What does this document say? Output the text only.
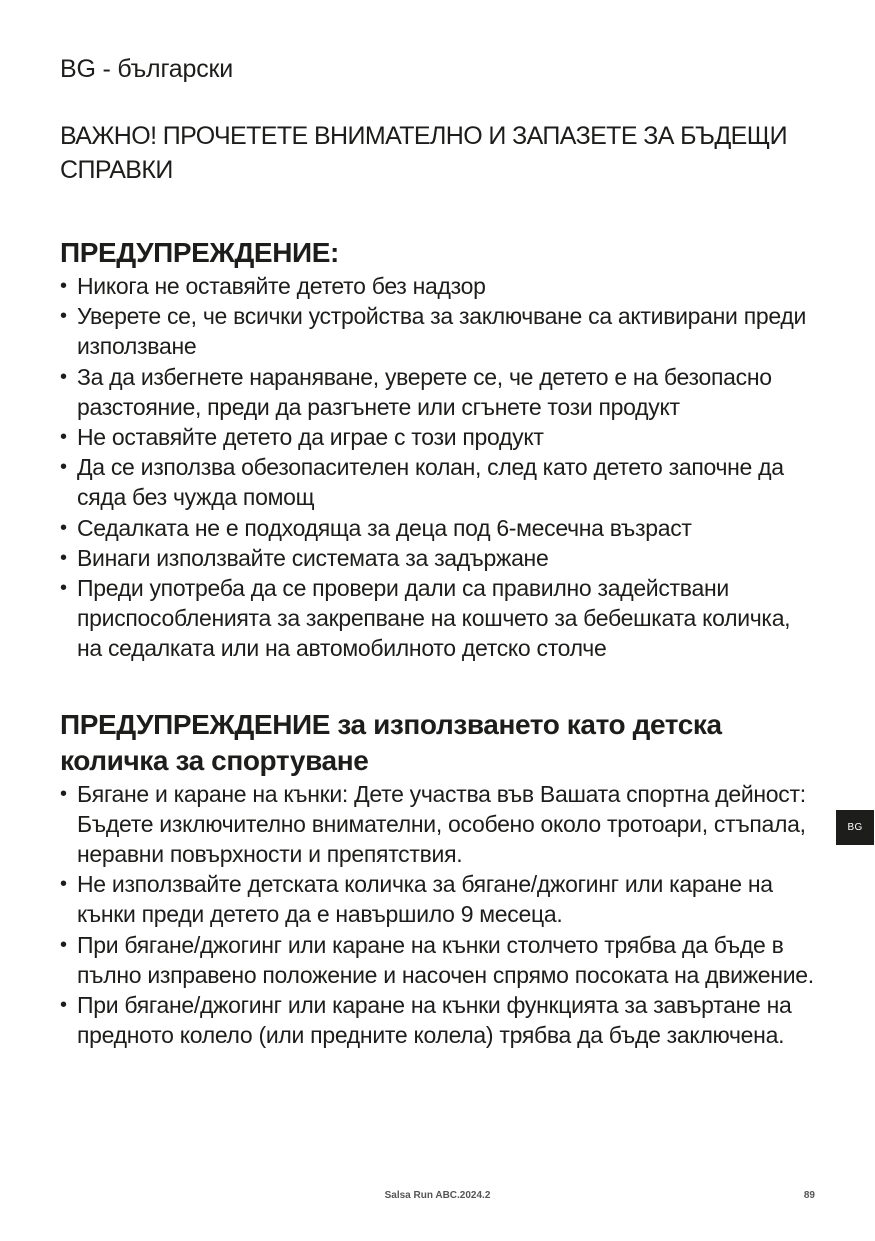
BG - български

ВАЖНО! ПРОЧЕТЕТЕ ВНИМАТЕЛНО И ЗАПАЗЕТЕ ЗА БЪДЕЩИ СПРАВКИ

ПРЕДУПРЕЖДЕНИЕ:
• Никога не оставяйте детето без надзор
• Уверете се, че всички устройства за заключване са активирани преди използване
• За да избегнете нараняване, уверете се, че детето е на безопасно разстояние, преди да разгънете или сгънете този продукт
• Не оставяйте детето да играе с този продукт
• Да се използва обезопасителен колан, след като детето започне да сяда без чужда помощ
• Седалката не е подходяща за деца под 6-месечна възраст
• Винаги използвайте системата за задържане
• Преди употреба да се провери дали са правилно задействани приспособленията за закрепване на кошчето за бебешката количка, на седалката или на автомобилното детско столче
ПРЕДУПРЕЖДЕНИЕ за използването като детска количка за спортуване
• Бягане и каране на кънки: Дете участва във Вашата спортна дейност: Бъдете изключително внимателни, особено около тротоари, стъпала, неравни повърхности и препятствия.
• Не използвайте детската количка за бягане/джогинг или каране на кънки преди детето да е навършило 9 месеца.
• При бягане/джогинг или каране на кънки столчето трябва да бъде в пълно изправено положение и насочен спрямо посоката на движение.
• При бягане/джогинг или каране на кънки функцията за завъртане на предното колело (или предните колела) трябва да бъде заключена.
BG
Salsa Run ABC.2024.2	89
